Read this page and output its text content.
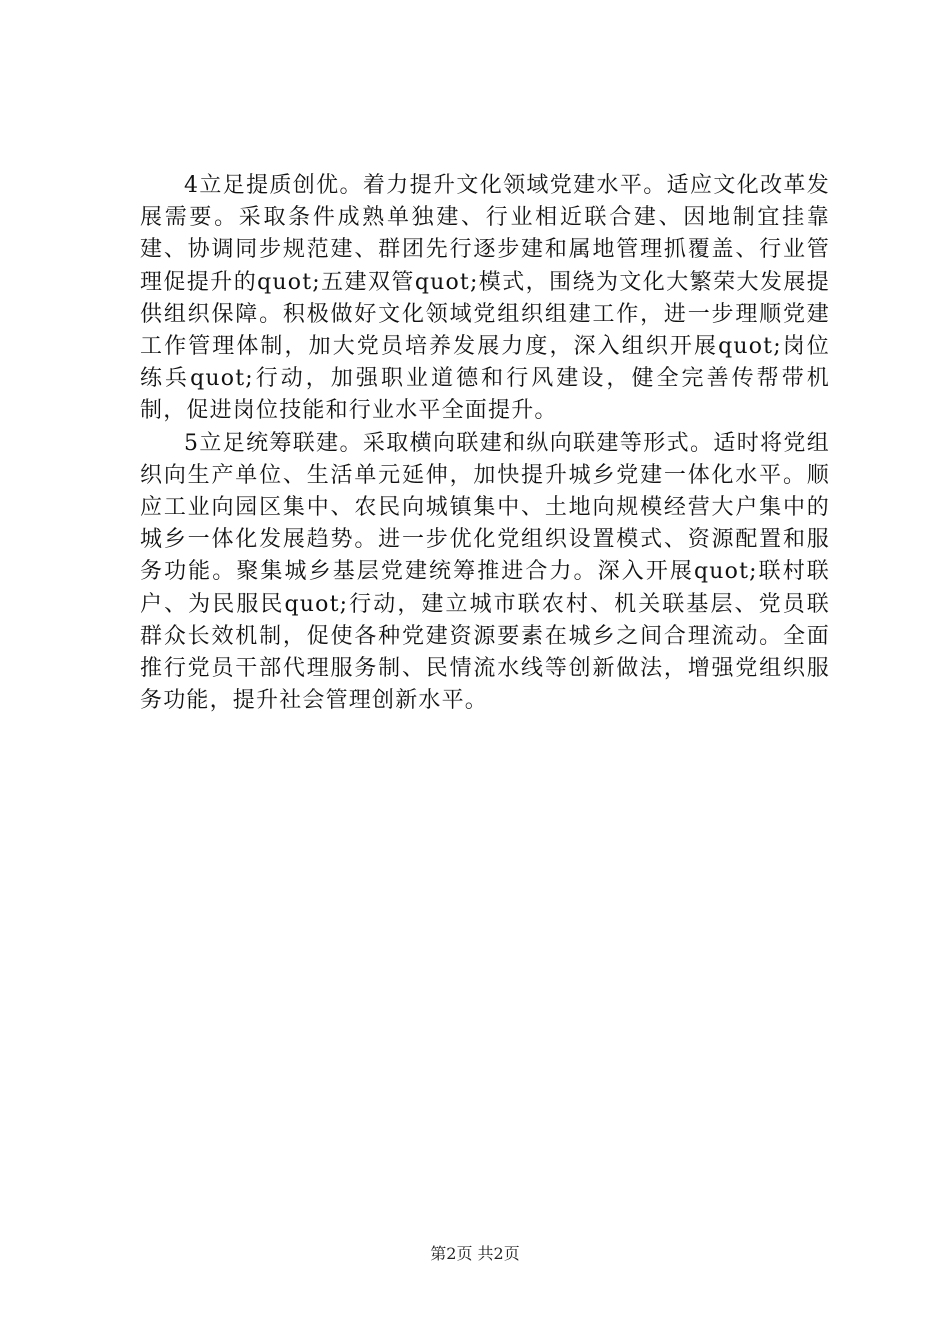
4立足提质创优。着力提升文化领域党建水平。适应文化改革发展需要。采取条件成熟单独建、行业相近联合建、因地制宜挂靠建、协调同步规范建、群团先行逐步建和属地管理抓覆盖、行业管理促提升的quot;五建双管quot;模式，围绕为文化大繁荣大发展提供组织保障。积极做好文化领域党组织组建工作，进一步理顺党建工作管理体制，加大党员培养发展力度，深入组织开展quot;岗位练兵quot;行动，加强职业道德和行风建设，健全完善传帮带机制，促进岗位技能和行业水平全面提升。

5立足统筹联建。采取横向联建和纵向联建等形式。适时将党组织向生产单位、生活单元延伸，加快提升城乡党建一体化水平。顺应工业向园区集中、农民向城镇集中、土地向规模经营大户集中的城乡一体化发展趋势。进一步优化党组织设置模式、资源配置和服务功能。聚集城乡基层党建统筹推进合力。深入开展quot;联村联户、为民服民quot;行动，建立城市联农村、机关联基层、党员联群众长效机制，促使各种党建资源要素在城乡之间合理流动。全面推行党员干部代理服务制、民情流水线等创新做法，增强党组织服务功能，提升社会管理创新水平。

第2页 共2页
